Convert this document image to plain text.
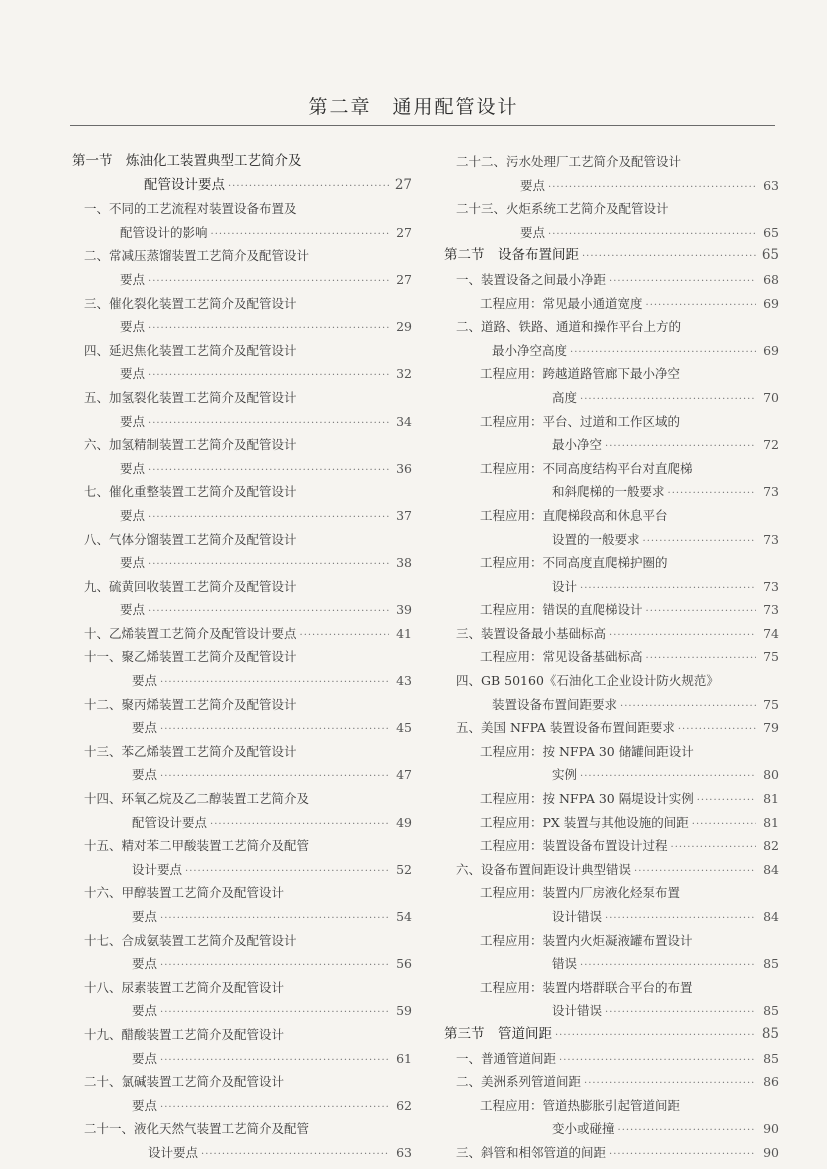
第二章　通用配管设计
第一节　炼油化工装置典型工艺简介及
配管设计要点 ·····	27
一、不同的工艺流程对装置设备布置及
配管设计的影响 ·····	27
二、常减压蒸馏装置工艺简介及配管设计
要点 ·····	27
三、催化裂化装置工艺简介及配管设计
要点 ·····	29
四、延迟焦化装置工艺简介及配管设计
要点 ·····	32
五、加氢裂化装置工艺简介及配管设计
要点 ·····	34
六、加氢精制装置工艺简介及配管设计
要点 ·····	36
七、催化重整装置工艺简介及配管设计
要点 ·····	37
八、气体分馏装置工艺简介及配管设计
要点 ·····	38
九、硫黄回收装置工艺简介及配管设计
要点 ·····	39
十、乙烯装置工艺简介及配管设计要点 ·····	41
十一、聚乙烯装置工艺简介及配管设计
要点 ·····	43
十二、聚丙烯装置工艺简介及配管设计
要点 ·····	45
十三、苯乙烯装置工艺简介及配管设计
要点 ·····	47
十四、环氧乙烷及乙二醇装置工艺简介及
配管设计要点 ·····	49
十五、精对苯二甲酸装置工艺简介及配管
设计要点 ·····	52
十六、甲醇装置工艺简介及配管设计
要点 ·····	54
十七、合成氨装置工艺简介及配管设计
要点 ·····	56
十八、尿素装置工艺简介及配管设计
要点 ·····	59
十九、醋酸装置工艺简介及配管设计
要点 ·····	61
二十、氯碱装置工艺简介及配管设计
要点 ·····	62
二十一、液化天然气装置工艺简介及配管
设计要点 ·····	63
二十二、污水处理厂工艺简介及配管设计
要点 ·····	63
二十三、火炬系统工艺简介及配管设计
要点 ·····	65
第二节　设备布置间距 ·····	65
一、装置设备之间最小净距 ·····	68
工程应用：常见最小通道宽度 ·····	69
二、道路、铁路、通道和操作平台上方的
最小净空高度 ·····	69
工程应用：跨越道路管廊下最小净空
高度 ·····	70
工程应用：平台、过道和工作区域的
最小净空 ·····	72
工程应用：不同高度结构平台对直爬梯
和斜爬梯的一般要求 ·····	73
工程应用：直爬梯段高和休息平台
设置的一般要求 ·····	73
工程应用：不同高度直爬梯护圈的
设计 ·····	73
工程应用：错误的直爬梯设计 ·····	73
三、装置设备最小基础标高 ·····	74
工程应用：常见设备基础标高 ·····	75
四、GB 50160《石油化工企业设计防火规范》
装置设备布置间距要求 ·····	75
五、美国 NFPA 装置设备布置间距要求 ·····	79
工程应用：按 NFPA 30 储罐间距设计
实例 ·····	80
工程应用：按 NFPA 30 隔堤设计实例 ·····	81
工程应用：PX 装置与其他设施的间距 ·····	81
工程应用：装置设备布置设计过程 ·····	82
六、设备布置间距设计典型错误 ·····	84
工程应用：装置内厂房液化烃泵布置
设计错误 ·····	84
工程应用：装置内火炬凝液罐布置设计
错误 ·····	85
工程应用：装置内塔群联合平台的布置
设计错误 ·····	85
第三节　管道间距 ·····	85
一、普通管道间距 ·····	85
二、美洲系列管道间距 ·····	86
工程应用：管道热膨胀引起管道间距
变小或碰撞 ·····	90
三、斜管和相邻管道的间距 ·····	90
